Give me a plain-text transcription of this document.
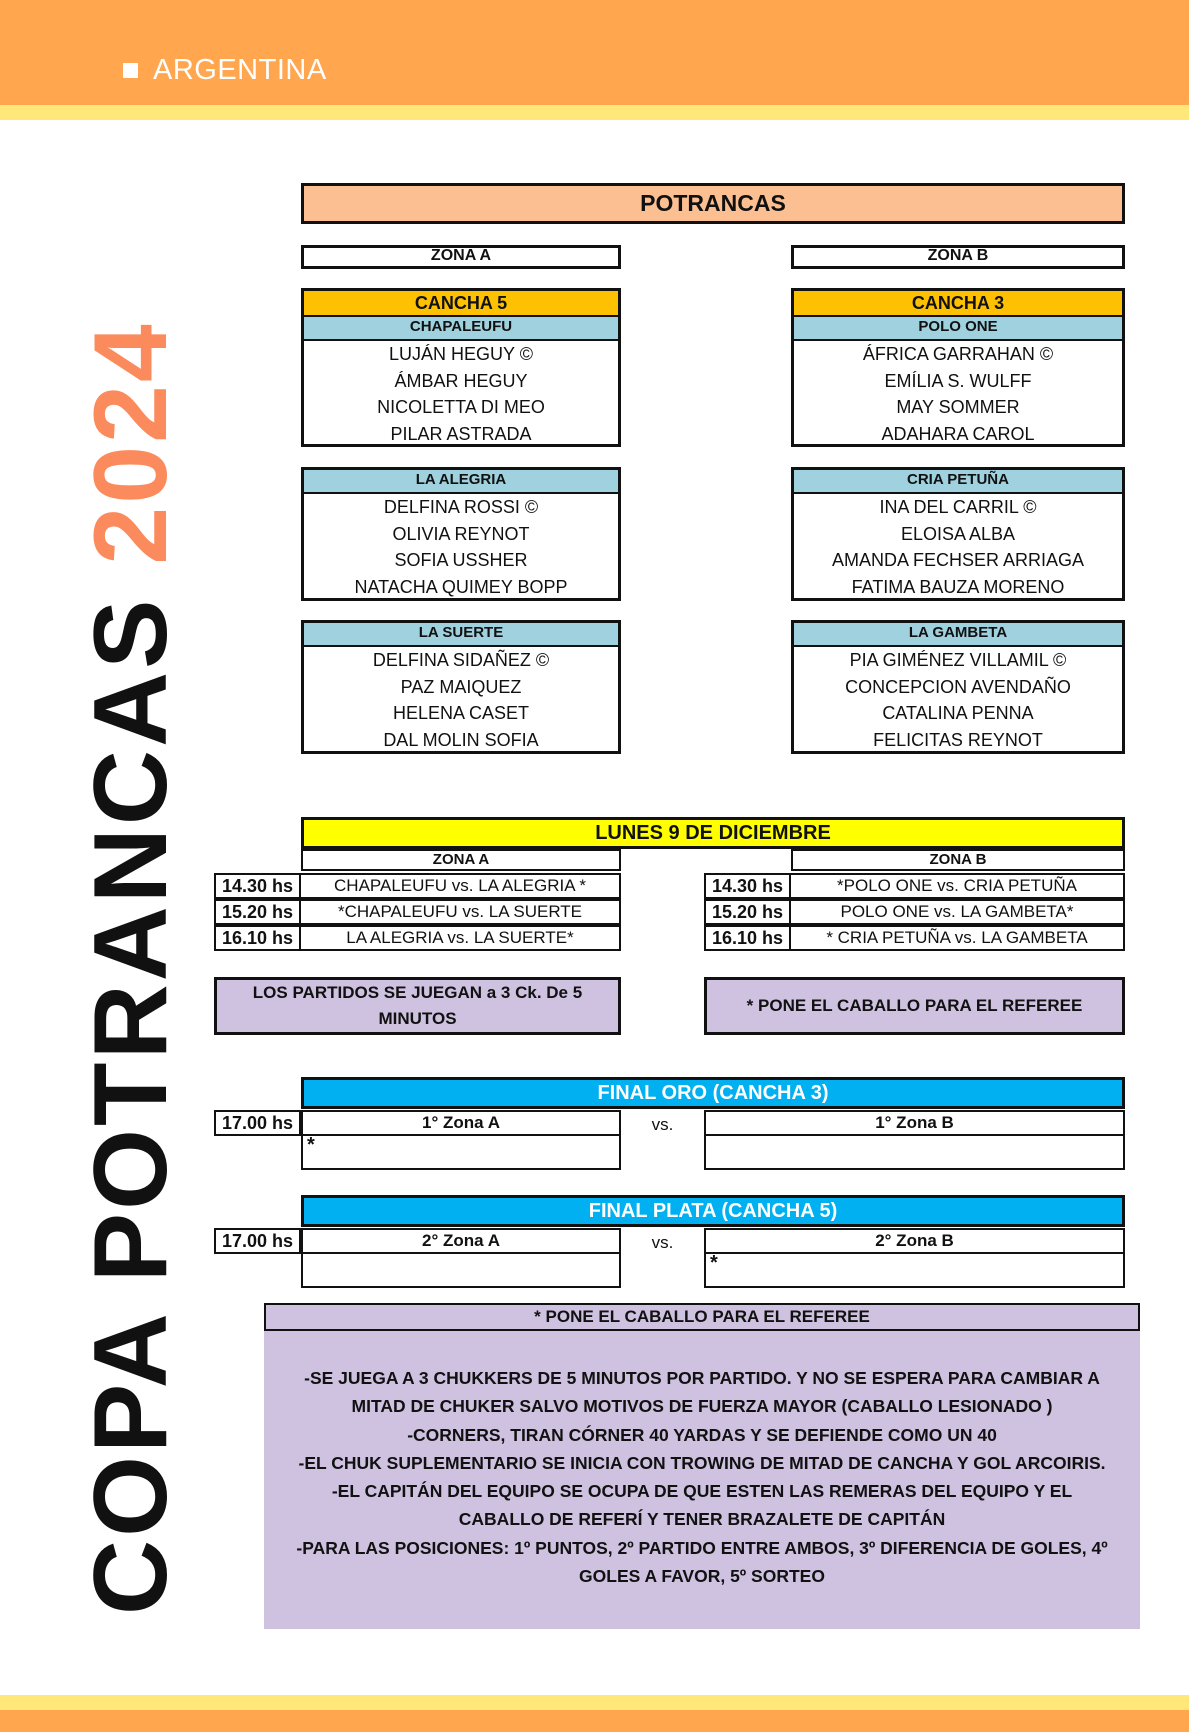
ARGENTINA
COPA POTRANCAS 2024
POTRANCAS
ZONA A	ZONA B
CANCHA 5
CHAPALEUFU
LUJÁN HEGUY ©
ÁMBAR HEGUY
NICOLETTA DI MEO
PILAR ASTRADA
LA ALEGRIA
DELFINA ROSSI ©
OLIVIA REYNOT
SOFIA USSHER
NATACHA QUIMEY BOPP
LA SUERTE
DELFINA SIDAÑEZ ©
PAZ MAIQUEZ
HELENA CASET
DAL MOLIN SOFIA
CANCHA 3
POLO ONE
ÁFRICA GARRAHAN ©
EMÍLIA S. WULFF
MAY SOMMER
ADAHARA CAROL
CRIA PETUÑA
INA DEL CARRIL ©
ELOISA ALBA
AMANDA FECHSER ARRIAGA
FATIMA BAUZA MORENO
LA GAMBETA
PIA GIMÉNEZ VILLAMIL ©
CONCEPCION AVENDAÑO
CATALINA PENNA
FELICITAS REYNOT
LUNES 9 DE DICIEMBRE
ZONA A	ZONA B
14.30 hs	CHAPALEUFU vs. LA ALEGRIA *
15.20 hs	*CHAPALEUFU vs. LA SUERTE
16.10 hs	LA ALEGRIA vs. LA SUERTE*
14.30 hs	*POLO ONE vs. CRIA PETUÑA
15.20 hs	POLO ONE vs. LA GAMBETA*
16.10 hs	* CRIA PETUÑA vs. LA GAMBETA
LOS PARTIDOS SE JUEGAN a 3 Ck. De 5 MINUTOS
* PONE EL CABALLO PARA EL REFEREE
FINAL ORO (CANCHA 3)
17.00 hs	1° Zona A	vs.	1° Zona B
*
FINAL PLATA (CANCHA 5)
17.00 hs	2° Zona A	vs.	2° Zona B
*
* PONE EL CABALLO PARA EL REFEREE
-SE JUEGA A 3 CHUKKERS DE 5 MINUTOS POR PARTIDO. Y NO SE ESPERA PARA CAMBIAR A MITAD DE CHUKER SALVO MOTIVOS DE FUERZA MAYOR (CABALLO LESIONADO )
-CORNERS, TIRAN CÓRNER 40 YARDAS Y SE DEFIENDE COMO UN 40
-EL CHUK SUPLEMENTARIO SE INICIA CON TROWING DE MITAD DE CANCHA Y GOL ARCOIRIS.
-EL CAPITÁN DEL EQUIPO SE OCUPA DE QUE ESTEN LAS REMERAS DEL EQUIPO Y EL CABALLO DE REFERÍ Y TENER BRAZALETE DE CAPITÁN
-PARA LAS POSICIONES: 1º PUNTOS, 2º PARTIDO ENTRE AMBOS, 3º DIFERENCIA DE GOLES, 4º GOLES A FAVOR, 5º SORTEO
